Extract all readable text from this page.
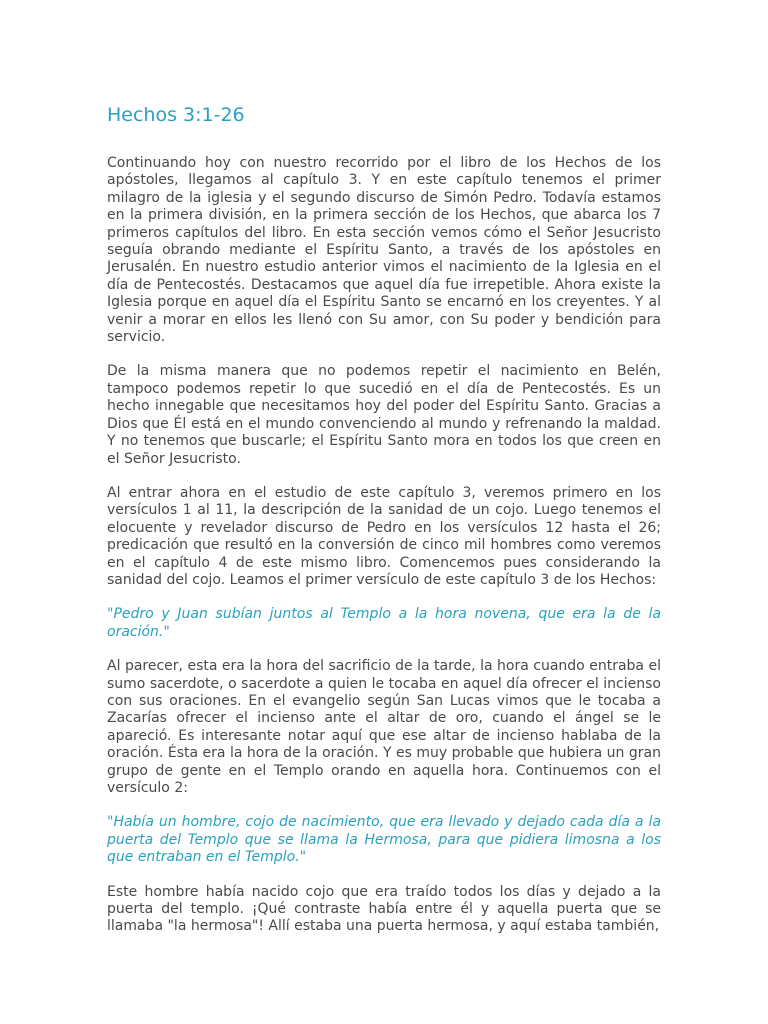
Hechos 3:1-26

Continuando hoy con nuestro recorrido por el libro de los Hechos de los apóstoles, llegamos al capítulo 3. Y en este capítulo tenemos el primer milagro de la iglesia y el segundo discurso de Simón Pedro. Todavía estamos en la primera división, en la primera sección de los Hechos, que abarca los 7 primeros capítulos del libro. En esta sección vemos cómo el Señor Jesucristo seguía obrando mediante el Espíritu Santo, a través de los apóstoles en Jerusalén. En nuestro estudio anterior vimos el nacimiento de la Iglesia en el día de Pentecostés. Destacamos que aquel día fue irrepetible. Ahora existe la Iglesia porque en aquel día el Espíritu Santo se encarnó en los creyentes. Y al venir a morar en ellos les llenó con Su amor, con Su poder y bendición para servicio.

De la misma manera que no podemos repetir el nacimiento en Belén, tampoco podemos repetir lo que sucedió en el día de Pentecostés. Es un hecho innegable que necesitamos hoy del poder del Espíritu Santo. Gracias a Dios que Él está en el mundo convenciendo al mundo y refrenando la maldad. Y no tenemos que buscarle; el Espíritu Santo mora en todos los que creen en el Señor Jesucristo.

Al entrar ahora en el estudio de este capítulo 3, veremos primero en los versículos 1 al 11, la descripción de la sanidad de un cojo. Luego tenemos el elocuente y revelador discurso de Pedro en los versículos 12 hasta el 26; predicación que resultó en la conversión de cinco mil hombres como veremos en el capítulo 4 de este mismo libro. Comencemos pues considerando la sanidad del cojo. Leamos el primer versículo de este capítulo 3 de los Hechos:

"Pedro y Juan subían juntos al Templo a la hora novena, que era la de la oración."

Al parecer, esta era la hora del sacrificio de la tarde, la hora cuando entraba el sumo sacerdote, o sacerdote a quien le tocaba en aquel día ofrecer el incienso con sus oraciones. En el evangelio según San Lucas vimos que le tocaba a Zacarías ofrecer el incienso ante el altar de oro, cuando el ángel se le apareció. Es interesante notar aquí que ese altar de incienso hablaba de la oración. Ésta era la hora de la oración. Y es muy probable que hubiera un gran grupo de gente en el Templo orando en aquella hora. Continuemos con el versículo 2:

"Había un hombre, cojo de nacimiento, que era llevado y dejado cada día a la puerta del Templo que se llama la Hermosa, para que pidiera limosna a los que entraban en el Templo."

Este hombre había nacido cojo que era traído todos los días y dejado a la puerta del templo. ¡Qué contraste había entre él y aquella puerta que se llamaba "la hermosa"! Allí estaba una puerta hermosa, y aquí estaba también,
